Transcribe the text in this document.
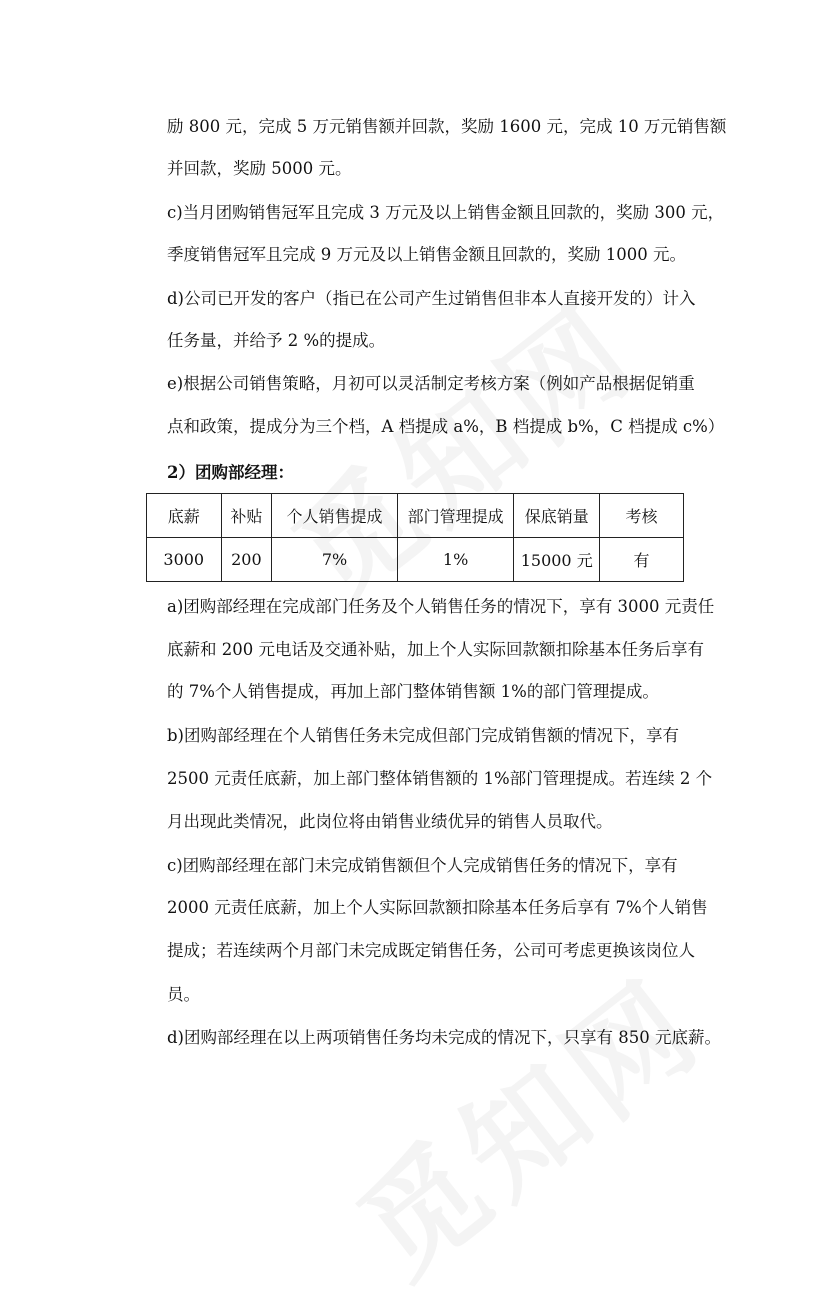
励 800 元，完成 5 万元销售额并回款，奖励 1600 元，完成 10 万元销售额
并回款，奖励 5000 元。
c)当月团购销售冠军且完成 3 万元及以上销售金额且回款的，奖励 300 元，
季度销售冠军且完成 9 万元及以上销售金额且回款的，奖励 1000 元。
d)公司已开发的客户（指已在公司产生过销售但非本人直接开发的）计入
任务量，并给予 2 %的提成。
e)根据公司销售策略，月初可以灵活制定考核方案（例如产品根据促销重
点和政策，提成分为三个档，A 档提成 a%，B 档提成 b%，C 档提成 c%）
2）团购部经理：
底薪	补贴	个人销售提成	部门管理提成	保底销量	考核
3000	200	7%	1%	15000 元	有
a)团购部经理在完成部门任务及个人销售任务的情况下，享有 3000 元责任
底薪和 200 元电话及交通补贴，加上个人实际回款额扣除基本任务后享有
的 7%个人销售提成，再加上部门整体销售额 1%的部门管理提成。
b)团购部经理在个人销售任务未完成但部门完成销售额的情况下，享有
2500 元责任底薪，加上部门整体销售额的 1%部门管理提成。若连续 2 个
月出现此类情况，此岗位将由销售业绩优异的销售人员取代。
c)团购部经理在部门未完成销售额但个人完成销售任务的情况下，享有
2000 元责任底薪，加上个人实际回款额扣除基本任务后享有 7%个人销售
提成；若连续两个月部门未完成既定销售任务，公司可考虑更换该岗位人
员。
d)团购部经理在以上两项销售任务均未完成的情况下，只享有 850 元底薪。
